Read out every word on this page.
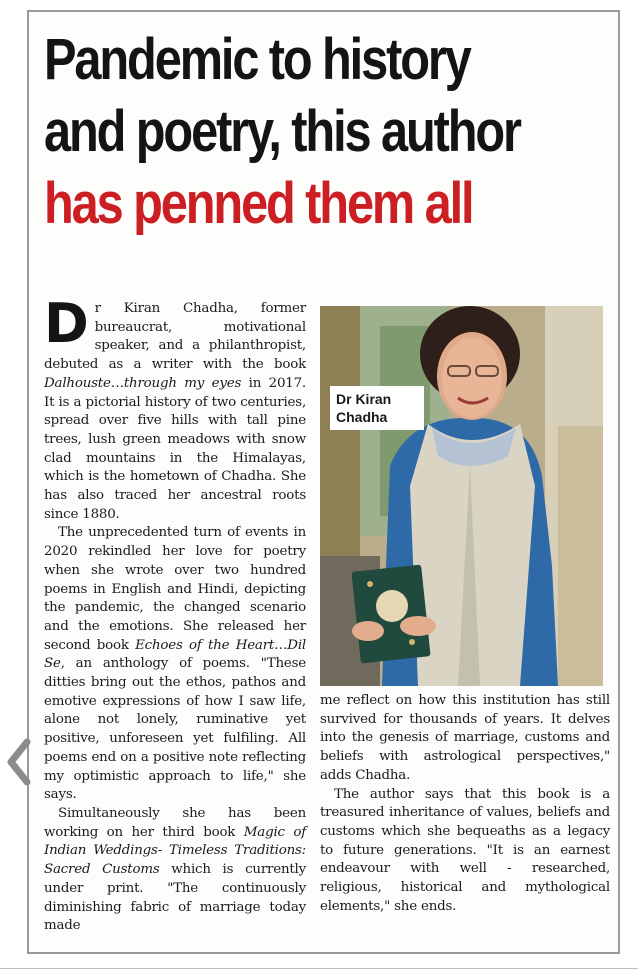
Pandemic to history
and poetry, this author
has penned them all

Dr Kiran Chadha, former bureaucrat, motivational speaker, and a philanthropist, debuted as a writer with the book Dalhouste…through my eyes in 2017. It is a pictorial history of two centuries, spread over five hills with tall pine trees, lush green meadows with snow clad mountains in the Himalayas, which is the hometown of Chadha. She has also traced her ancestral roots since 1880.

The unprecedented turn of events in 2020 rekindled her love for poetry when she wrote over two hundred poems in English and Hindi, depicting the pandemic, the changed scenario and the emotions. She released her second book Echoes of the Heart…Dil Se, an anthology of poems. "These ditties bring out the ethos, pathos and emotive expressions of how I saw life, alone not lonely, ruminative yet positive, unforeseen yet fulfiling. All poems end on a positive note reflecting my optimistic approach to life," she says.

Simultaneously she has been working on her third book Magic of Indian Weddings- Timeless Traditions: Sacred Customs which is currently under print. "The continuously diminishing fabric of marriage today made

Dr Kiran Chadha

me reflect on how this institution has still survived for thousands of years. It delves into the genesis of marriage, customs and beliefs with astrological perspectives," adds Chadha.

The author says that this book is a treasured inheritance of values, beliefs and customs which she bequeaths as a legacy to future generations. "It is an earnest endeavour with well - researched, religious, historical and mythological elements," she ends.
